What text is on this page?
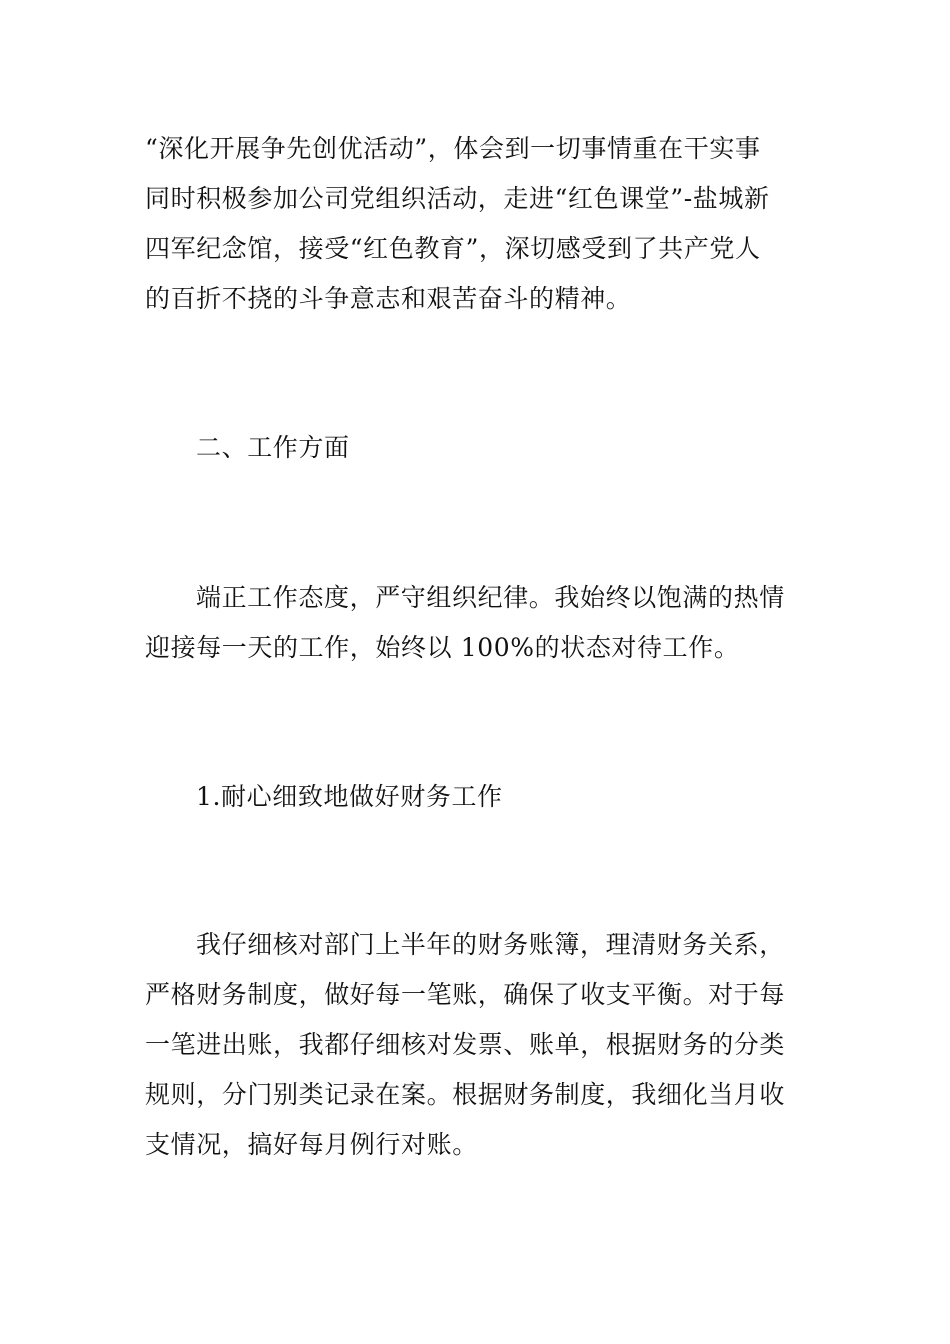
“深化开展争先创优活动”，体会到一切事情重在干实事
同时积极参加公司党组织活动，走进“红色课堂”-盐城新
四军纪念馆，接受“红色教育”，深切感受到了共产党人
的百折不挠的斗争意志和艰苦奋斗的精神。
二、工作方面
端正工作态度，严守组织纪律。我始终以饱满的热情
迎接每一天的工作，始终以 100%的状态对待工作。
1.耐心细致地做好财务工作
我仔细核对部门上半年的财务账簿，理清财务关系，
严格财务制度，做好每一笔账，确保了收支平衡。对于每
一笔进出账，我都仔细核对发票、账单，根据财务的分类
规则，分门别类记录在案。根据财务制度，我细化当月收
支情况，搞好每月例行对账。
